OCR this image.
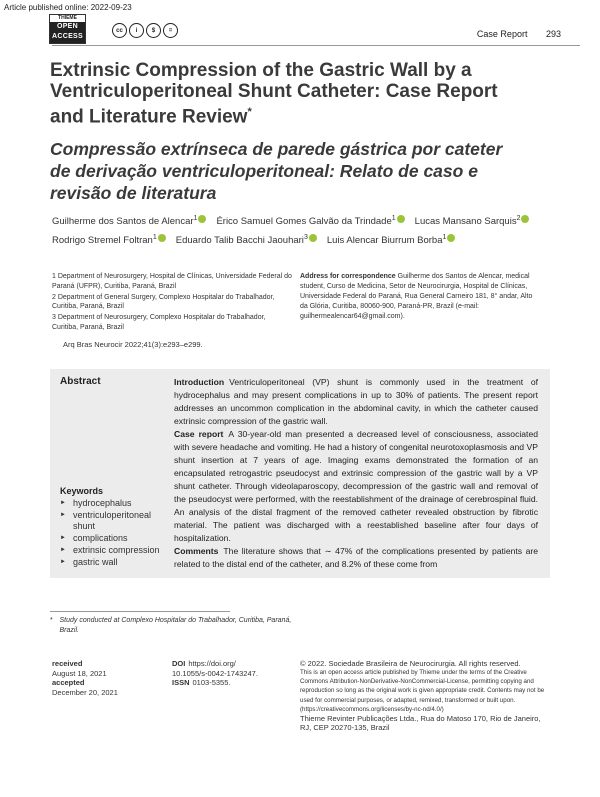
Article published online: 2022-09-23
THIEME
OPEN
ACCESS
cc	i	$	=	Case Report 293
Extrinsic Compression of the Gastric Wall by a Ventriculoperitoneal Shunt Catheter: Case Report and Literature Review*
Compressão extrínseca de parede gástrica por cateter de derivação ventriculoperitoneal: Relato de caso e revisão de literatura
Guilherme dos Santos de Alencar$^1$ Érico Samuel Gomes Galvão da Trindade$^1$ Lucas Mansano Sarquis$^2$Rodrigo Stremel Foltran$^1$ Eduardo Talib Bacchi Jaouhari$^3$ Luis Alencar Biurrum Borba$^1$

1 Department of Neurosurgery, Hospital de Clínicas, Universidade Federal do Paraná (UFPR), Curitiba, Paraná, Brazil

2 Department of General Surgery, Complexo Hospitalar do Trabalhador, Curitiba, Paraná, Brazil

3 Department of Neurosurgery, Complexo Hospitalar do Trabalhador, Curitiba, Paraná, Brazil

Address for correspondence Guilherme dos Santos de Alencar, medical student, Curso de Medicina, Setor de Neurocirurgia, Hospital de Clínicas, Universidade Federal do Paraná, Rua General Carneiro 181, 8° andar, Alto da Glória, Curitiba, 80060-900, Paraná-PR, Brazil (e-mail: guilhermealencar64@gmail.com).
Arq Bras Neurocir 2022;41(3):e293–e299.
Abstract	Introduction Ventriculoperitoneal (VP) shunt is commonly used in the treatment of hydrocephalus and may present complications in up to 30% of patients. The present report addresses an uncommon complication in the abdominal cavity, in which the catheter caused extrinsic compression of the gastric wall.

Case report A 30-year-old man presented a decreased level of consciousness, associated with severe headache and vomiting. He had a history of congenital neurotoxoplasmosis and VP shunt insertion at 7 years of age. Imaging exams demonstrated the formation of an encapsulated retrogastric pseudocyst and extrinsic compression of the gastric wall by a VP shunt catheter. Through videolaparoscopy, decompression of the gastric wall and removal of the pseudocyst were performed, with the reestablishment of the drainage of cerebrospinal fluid. An analysis of the distal fragment of the removed catheter revealed obstruction by fibrotic material. The patient was discharged with a reestablished baseline after four days of hospitalization.

Comments The literature shows that ∼ 47% of the complications presented by patients are related to the distal end of the catheter, and 8.2% of these come from

Keywords
► hydrocephalus
► ventriculoperitoneal shunt
► complications
► extrinsic compression
► gastric wall
* Study conducted at Complexo Hospitalar do Trabalhador, Curitiba, Paraná, Brazil.
received
August 18, 2021
accepted
December 20, 2021
DOI https://doi.org/
10.1055/s-0042-1743247.
ISSN 0103-5355.
© 2022. Sociedade Brasileira de Neurocirurgia. All rights reserved.
This is an open access article published by Thieme under the terms of the Creative Commons Attribution-NonDerivative-NonCommercial-License, permitting copying and reproduction so long as the original work is given appropriate credit. Contents may not be used for commercial purposes, or adapted, remixed, transformed or built upon. (https://creativecommons.org/licenses/by-nc-nd/4.0/)
Thieme Revinter Publicações Ltda., Rua do Matoso 170, Rio de Janeiro, RJ, CEP 20270-135, Brazil
